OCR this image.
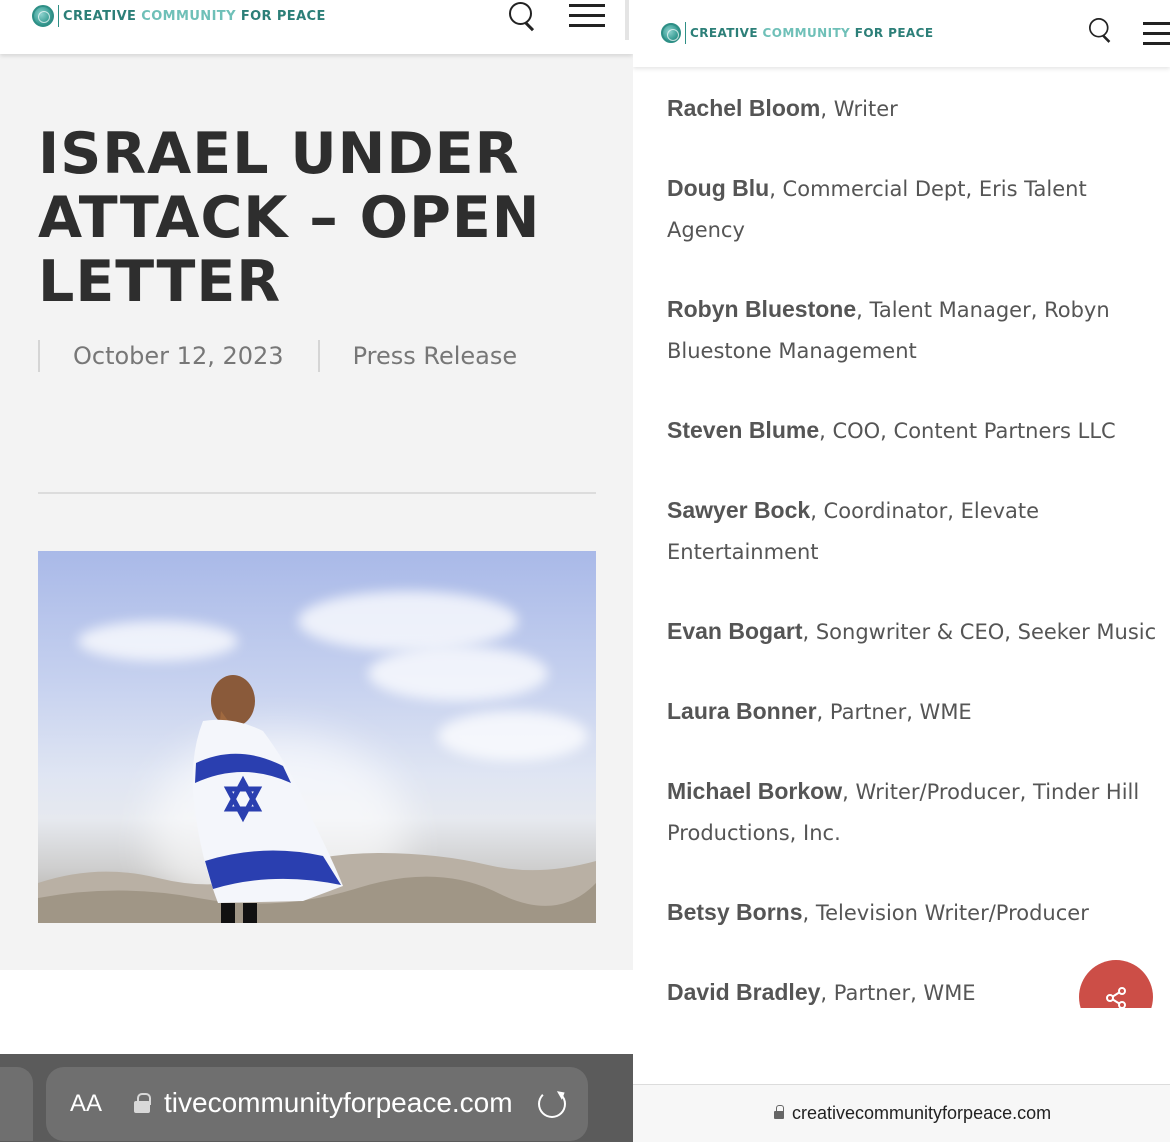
CREATIVE COMMUNITY FOR PEACE
ISRAEL UNDER ATTACK – OPEN LETTER
October 12, 2023	Press Release
AA tivecommunityforpeace.com
CREATIVE COMMUNITY FOR PEACE
Rachel Bloom, Writer
Doug Blu, Commercial Dept, Eris Talent Agency
Robyn Bluestone, Talent Manager, Robyn Bluestone Management
Steven Blume, COO, Content Partners LLC
Sawyer Bock, Coordinator, Elevate Entertainment
Evan Bogart, Songwriter & CEO, Seeker Music
Laura Bonner, Partner, WME
Michael Borkow, Writer/Producer, Tinder Hill Productions, Inc.
Betsy Borns, Television Writer/Producer
David Bradley, Partner, WME
creativecommunityforpeace.com
